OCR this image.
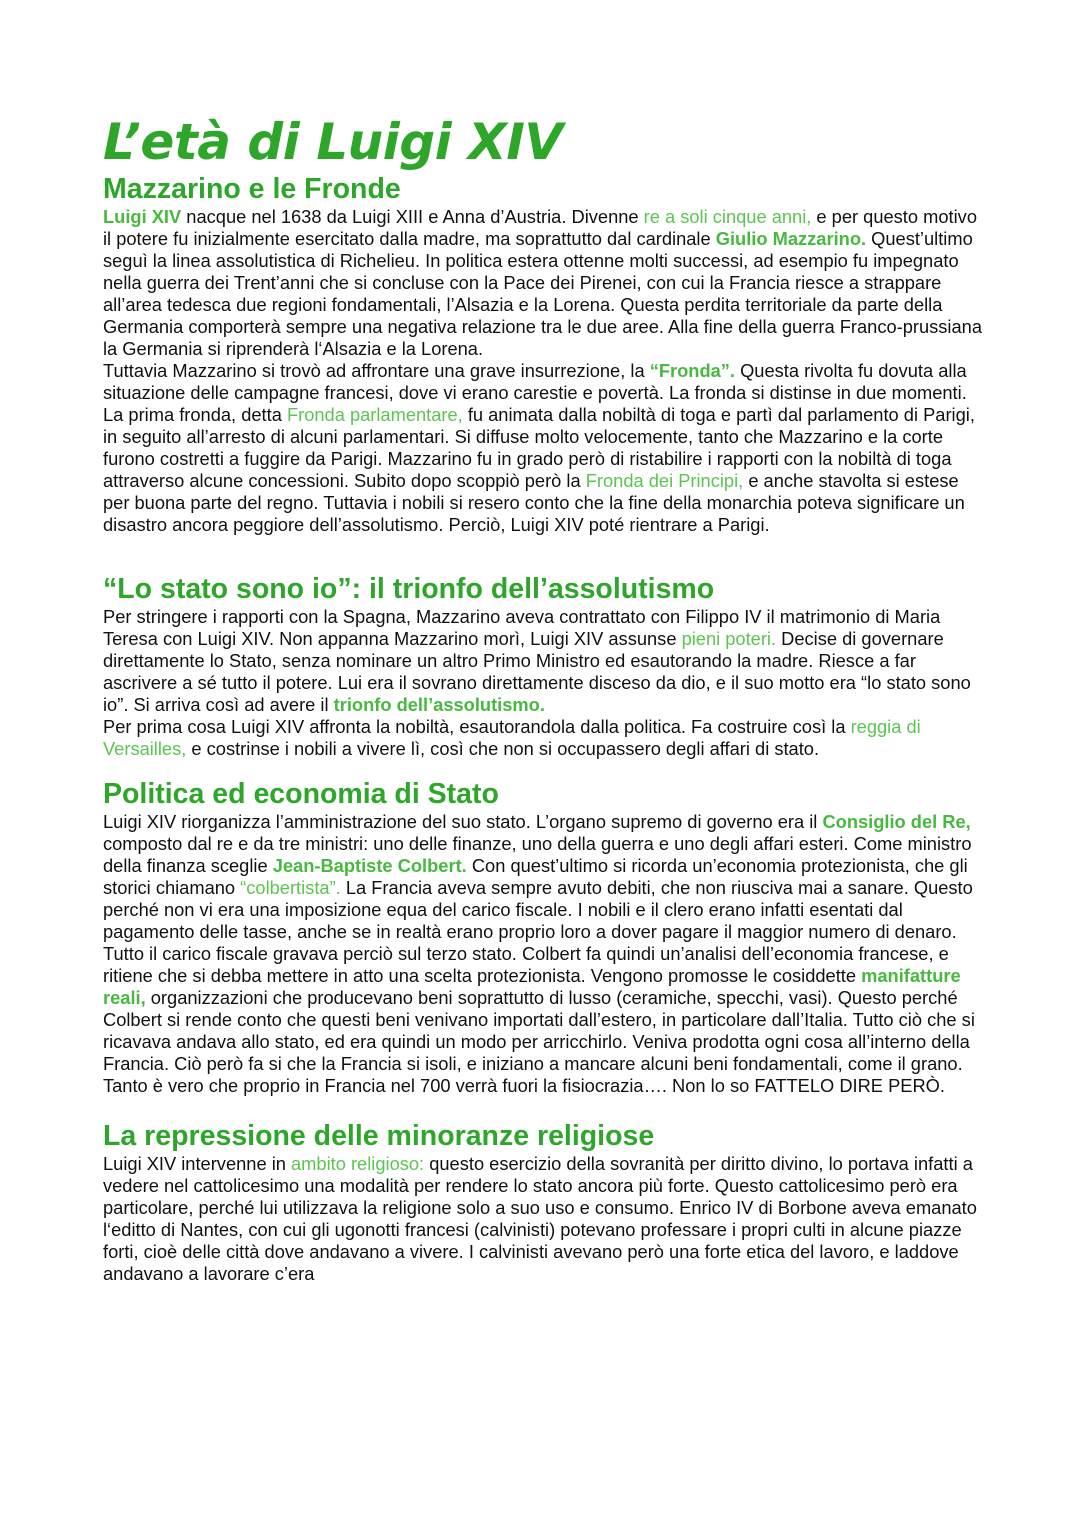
L’età di Luigi XIV
Mazzarino e le Fronde

Luigi XIV nacque nel 1638 da Luigi XIII e Anna d’Austria. Divenne re a soli cinque anni, e per questo motivo il potere fu inizialmente esercitato dalla madre, ma soprattutto dal cardinale Giulio Mazzarino. Quest’ultimo seguì la linea assolutistica di Richelieu. In politica estera ottenne molti successi, ad esempio fu impegnato nella guerra dei Trent’anni che si concluse con la Pace dei Pirenei, con cui la Francia riesce a strappare all’area tedesca due regioni fondamentali, l’Alsazia e la Lorena. Questa perdita territoriale da parte della Germania comporterà sempre una negativa relazione tra le due aree. Alla fine della guerra Franco-prussiana la Germania si riprenderà l‘Alsazia e la Lorena.

Tuttavia Mazzarino si trovò ad affrontare una grave insurrezione, la “Fronda”. Questa rivolta fu dovuta alla situazione delle campagne francesi, dove vi erano carestie e povertà. La fronda si distinse in due momenti. La prima fronda, detta Fronda parlamentare, fu animata dalla nobiltà di toga e partì dal parlamento di Parigi, in seguito all’arresto di alcuni parlamentari. Si diffuse molto velocemente, tanto che Mazzarino e la corte furono costretti a fuggire da Parigi. Mazzarino fu in grado però di ristabilire i rapporti con la nobiltà di toga attraverso alcune concessioni. Subito dopo scoppiò però la Fronda dei Principi, e anche stavolta si estese per buona parte del regno. Tuttavia i nobili si resero conto che la fine della monarchia poteva significare un disastro ancora peggiore dell’assolutismo. Perciò, Luigi XIV poté rientrare a Parigi.

“Lo stato sono io”: il trionfo dell’assolutismo

Per stringere i rapporti con la Spagna, Mazzarino aveva contrattato con Filippo IV il matrimonio di Maria Teresa con Luigi XIV. Non appanna Mazzarino morì, Luigi XIV assunse pieni poteri. Decise di governare direttamente lo Stato, senza nominare un altro Primo Ministro ed esautorando la madre. Riesce a far ascrivere a sé tutto il potere. Lui era il sovrano direttamente disceso da dio, e il suo motto era “lo stato sono io”. Si arriva così ad avere il trionfo dell’assolutismo.

Per prima cosa Luigi XIV affronta la nobiltà, esautorandola dalla politica. Fa costruire così la reggia di Versailles, e costrinse i nobili a vivere lì, così che non si occupassero degli affari di stato.

Politica ed economia di Stato

Luigi XIV riorganizza l’amministrazione del suo stato. L’organo supremo di governo era il Consiglio del Re, composto dal re e da tre ministri: uno delle finanze, uno della guerra e uno degli affari esteri. Come ministro della finanza sceglie Jean-Baptiste Colbert. Con quest’ultimo si ricorda un’economia protezionista, che gli storici chiamano “colbertista”. La Francia aveva sempre avuto debiti, che non riusciva mai a sanare. Questo perché non vi era una imposizione equa del carico fiscale. I nobili e il clero erano infatti esentati dal pagamento delle tasse, anche se in realtà erano proprio loro a dover pagare il maggior numero di denaro. Tutto il carico fiscale gravava perciò sul terzo stato. Colbert fa quindi un’analisi dell’economia francese, e ritiene che si debba mettere in atto una scelta protezionista. Vengono promosse le cosiddette manifatture reali, organizzazioni che producevano beni soprattutto di lusso (ceramiche, specchi, vasi). Questo perché Colbert si rende conto che questi beni venivano importati dall’estero, in particolare dall’Italia. Tutto ciò che si ricavava andava allo stato, ed era quindi un modo per arricchirlo. Veniva prodotta ogni cosa all’interno della Francia. Ciò però fa si che la Francia si isoli, e iniziano a mancare alcuni beni fondamentali, come il grano. Tanto è vero che proprio in Francia nel 700 verrà fuori la fisiocrazia…. Non lo so FATTELO DIRE PERÒ.

La repressione delle minoranze religiose

Luigi XIV intervenne in ambito religioso: questo esercizio della sovranità per diritto divino, lo portava infatti a vedere nel cattolicesimo una modalità per rendere lo stato ancora più forte. Questo cattolicesimo però era particolare, perché lui utilizzava la religione solo a suo uso e consumo. Enrico IV di Borbone aveva emanato l‘editto di Nantes, con cui gli ugonotti francesi (calvinisti) potevano professare i propri culti in alcune piazze forti, cioè delle città dove andavano a vivere. I calvinisti avevano però una forte etica del lavoro, e laddove andavano a lavorare c’era
